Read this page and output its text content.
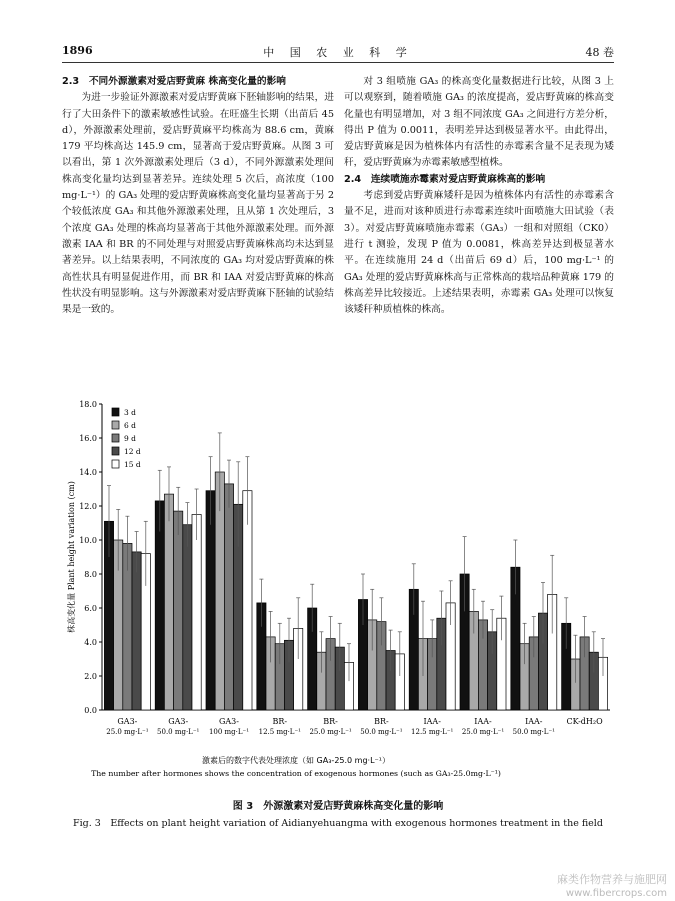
1896	中 国 农 业 科 学	48 卷
2.3　不同外源激素对爱店野黄麻 株高变化量的影响

为进一步验证外源激素对爱店野黄麻下胚轴影响的结果，进行了大田条件下的激素敏感性试验。在旺盛生长期（出苗后 45 d），外源激素处理前，爱店野黄麻平均株高为 88.6 cm，黄麻 179 平均株高达 145.9 cm，显著高于爱店野黄麻。从图 3 可以看出，第 1 次外源激素处理后（3 d），不同外源激素处理间株高变化量均达到显著差异。连续处理 5 次后，高浓度（100 mg·L⁻¹）的 GA₃ 处理的爱店野黄麻株高变化量均显著高于另 2 个较低浓度 GA₃ 和其他外源激素处理，且从第 1 次处理后，3 个浓度 GA₃ 处理的株高均显著高于其他外源激素处理。而外源激素 IAA 和 BR 的不同处理与对照爱店野黄麻株高均未达到显著差异。以上结果表明，不同浓度的 GA₃ 均对爱店野黄麻的株高性状具有明显促进作用，而 BR 和 IAA 对爱店野黄麻的株高性状没有明显影响。这与外源激素对爱店野黄麻下胚轴的试验结果是一致的。

对 3 组喷施 GA₃ 的株高变化量数据进行比较，从图 3 上可以观察到，随着喷施 GA₃ 的浓度提高，爱店野黄麻的株高变化量也有明显增加，对 3 组不同浓度 GA₃ 之间进行方差分析，得出 P 值为 0.0011，表明差异达到极显著水平。由此得出，爱店野黄麻是因为植株体内有活性的赤霉素含量不足表现为矮秆，爱店野黄麻为赤霉素敏感型植株。

2.4　连续喷施赤霉素对爱店野黄麻株高的影响

考虑到爱店野黄麻矮秆是因为植株体内有活性的赤霉素含量不足，进而对该种质进行赤霉素连续叶面喷施大田试验（表 3）。对爱店野黄麻喷施赤霉素（GA₃）一组和对照组（CK0）进行 t 测验，发现 P 值为 0.0081，株高差异达到极显著水平。在连续施用 24 d（出苗后 69 d）后，100 mg·L⁻¹ 的 GA₃ 处理的爱店野黄麻株高与正常株高的栽培品种黄麻 179 的株高差异比较接近。上述结果表明，赤霉素 GA₃ 处理可以恢复该矮秆种质植株的株高。

0.0
2.0
4.0
6.0
8.0
10.0
12.0
14.0
16.0
18.0
株高变化量 Plant height variation (cm)
GA3-
25.0 mg·L⁻¹
GA3-
50.0 mg·L⁻¹
GA3-
100 mg·L⁻¹
BR-
12.5 mg·L⁻¹
BR-
25.0 mg·L⁻¹
BR-
50.0 mg·L⁻¹
IAA-
12.5 mg·L⁻¹
IAA-
25.0 mg·L⁻¹
IAA-
50.0 mg·L⁻¹
CK-dH₂O
3 d
6 d
9 d
12 d
15 d
激素后的数字代表处理浓度（如 GA₃-25.0 mg·L⁻¹）
The number after hormones shows the concentration of exogenous hormones (such as GA₃-25.0mg·L⁻¹)
图 3　外源激素对爱店野黄麻株高变化量的影响
Fig. 3　Effects on plant height variation of Aidianyehuangma with exogenous hormones treatment in the field
麻类作物营养与施肥网
www.fibercrops.com
